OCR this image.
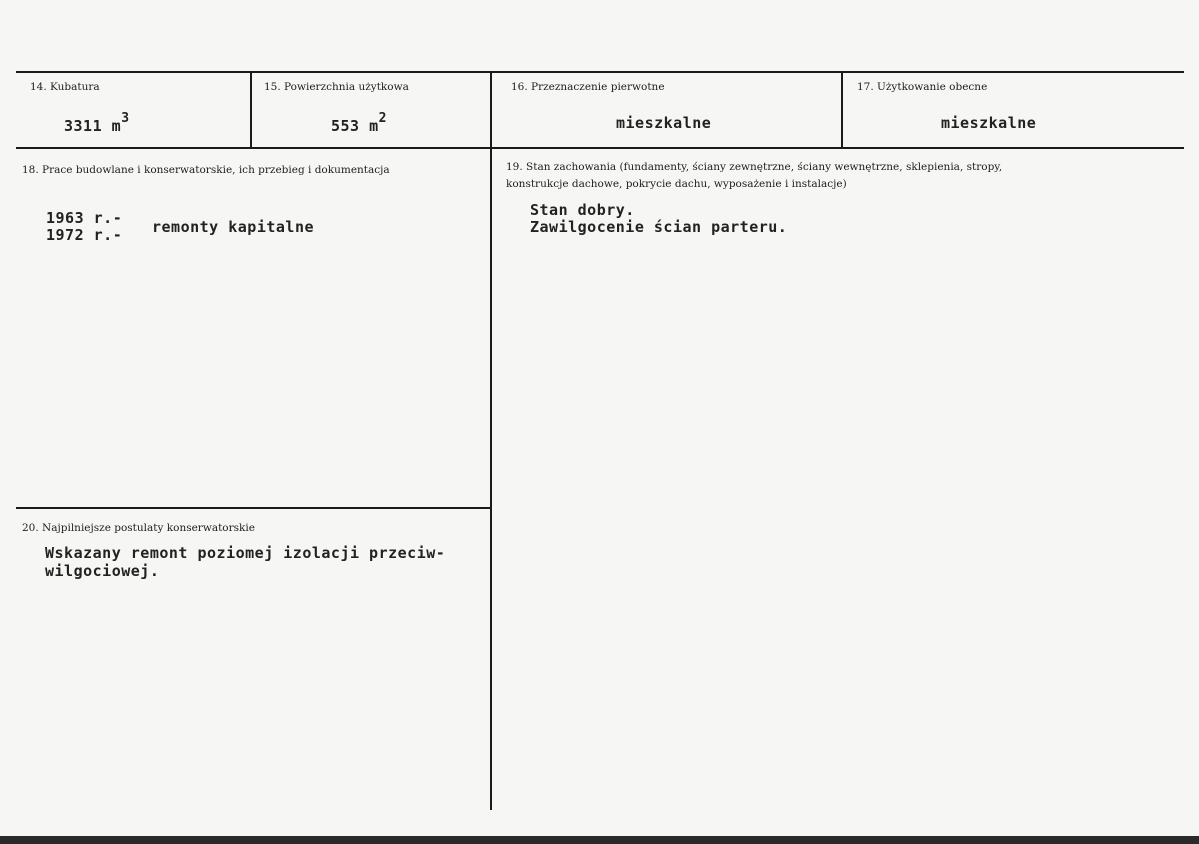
14. Kubatura
3311 $m^3$
15. Powierzchnia użytkowa
553 $m^2$
16. Przeznaczenie pierwotne
mieszkalne
17. Użytkowanie obecne
mieszkalne
18. Prace budowlane i konserwatorskie, ich przebieg i dokumentacja
1963 r.-
1972 r.- remonty kapitalne
19. Stan zachowania (fundamenty, ściany zewnętrzne, ściany wewnętrzne, sklepienia, stropy, konstrukcje dachowe, pokrycie dachu, wyposażenie i instalacje)
Stan dobry.
Zawilgocenie ścian parteru.
20. Najpilniejsze postulaty konserwatorskie
Wskazany remont poziomej izolacji przeciw-
wilgociowej.
